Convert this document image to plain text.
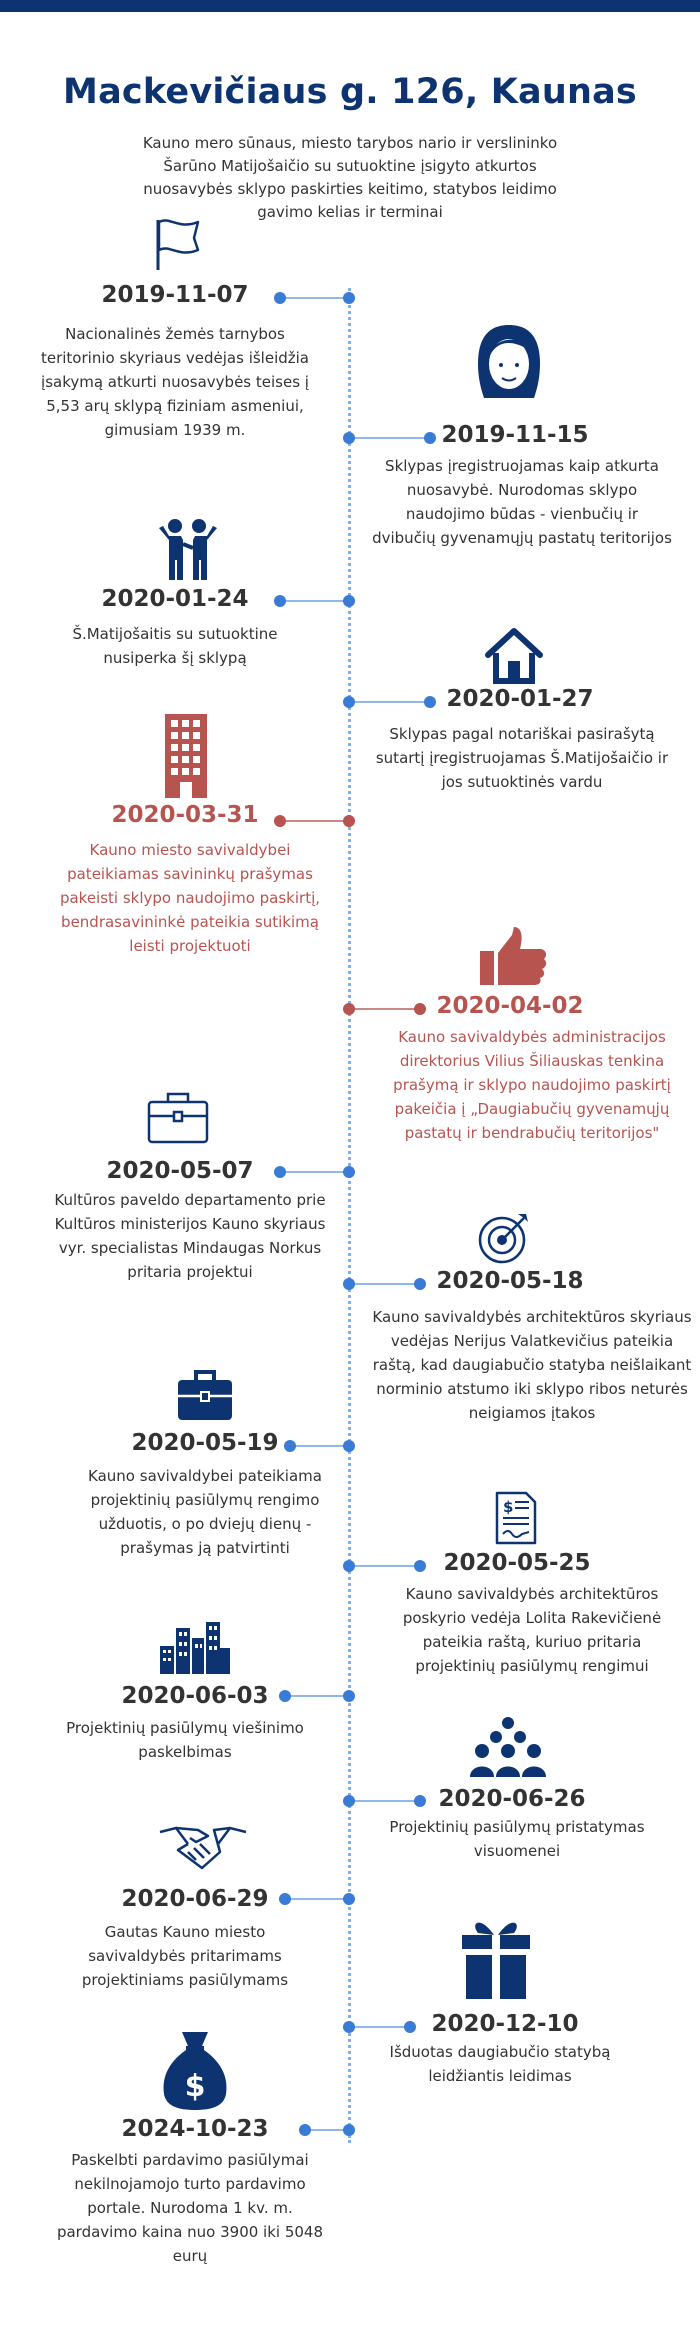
Mackevičiaus g. 126, Kaunas
Kauno mero sūnaus, miesto tarybos nario ir verslininko Šarūno Matijošaičio su sutuoktine įsigyto atkurtos nuosavybės sklypo paskirties keitimo, statybos leidimo gavimo kelias ir terminai
2019-11-07
Nacionalinės žemės tarnybos teritorinio skyriaus vedėjas išleidžia įsakymą atkurti nuosavybės teises į 5,53 arų sklypą fiziniam asmeniui, gimusiam 1939 m.	2019-11-15
Sklypas įregistruojamas kaip atkurta nuosavybė. Nurodomas sklypo naudojimo būdas - vienbučių ir dvibučių gyvenamųjų pastatų teritorijos
2020-01-24
Š.Matijošaitis su sutuoktine nusiperka šį sklypą
2020-01-27
Sklypas pagal notariškai pasirašytą sutartį įregistruojamas Š.Matijošaičio ir jos sutuoktinės vardu
2020-03-31
Kauno miesto savivaldybei pateikiamas savininkų prašymas pakeisti sklypo naudojimo paskirtį, bendrasavininkė pateikia sutikimą leisti projektuoti
2020-04-02
Kauno savivaldybės administracijos direktorius Vilius Šiliauskas tenkina prašymą ir sklypo naudojimo paskirtį pakeičia į „Daugiabučių gyvenamųjų pastatų ir bendrabučių teritorijos"
2020-05-07
Kultūros paveldo departamento prie Kultūros ministerijos Kauno skyriaus vyr. specialistas Mindaugas Norkus pritaria projektui	2020-05-18
Kauno savivaldybės architektūros skyriaus vedėjas Nerijus Valatkevičius pateikia raštą, kad daugiabučio statyba neišlaikant norminio atstumo iki sklypo ribos neturės neigiamos įtakos
2020-05-19
Kauno savivaldybei pateikiama projektinių pasiūlymų rengimo užduotis, o po dviejų dienų - prašymas ją patvirtinti
$
2020-05-25
Kauno savivaldybės architektūros poskyrio vedėja Lolita Rakevičienė pateikia raštą, kuriuo pritaria projektinių pasiūlymų rengimui
2020-06-03
Projektinių pasiūlymų viešinimo paskelbimas
2020-06-26
Projektinių pasiūlymų pristatymas visuomenei
2020-06-29
Gautas Kauno miesto savivaldybės pritarimams projektiniams pasiūlymams
2020-12-10
Išduotas daugiabučio statybą leidžiantis leidimas
$
2024-10-23
Paskelbti pardavimo pasiūlymai nekilnojamojo turto pardavimo portale. Nurodoma 1 kv. m. pardavimo kaina nuo 3900 iki 5048 eurų
